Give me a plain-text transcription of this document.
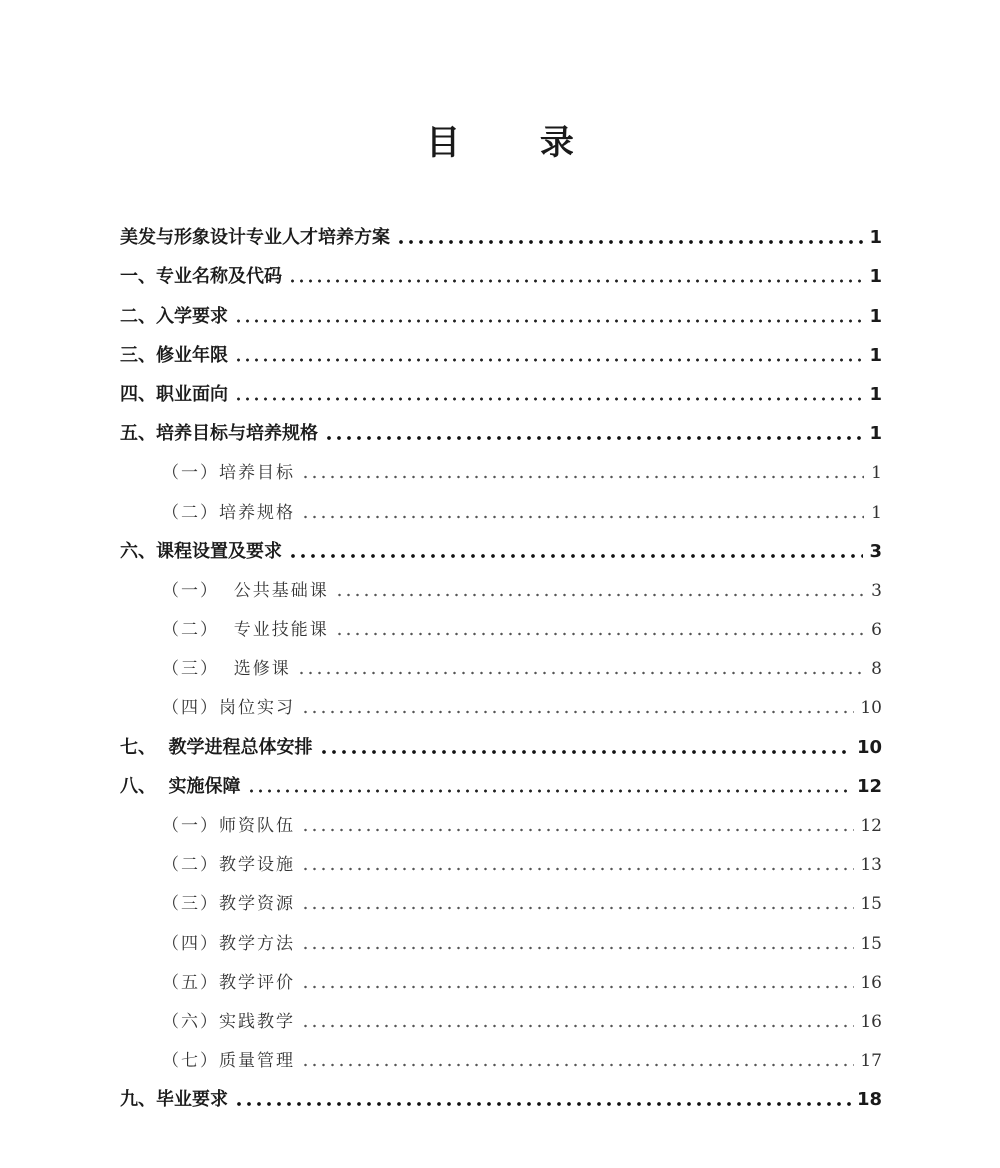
目 录
美发与形象设计专业人才培养方案	1
一、专业名称及代码	1
二、入学要求	1
三、修业年限	1
四、职业面向	1
五、培养目标与培养规格	1
（一）培养目标	1
（二）培养规格	1
六、课程设置及要求	3
（一）  公共基础课	3
（二）  专业技能课	6
（三）  选修课	8
（四）岗位实习	10
七、  教学进程总体安排	10
八、  实施保障	12
（一）师资队伍	12
（二）教学设施	13
（三）教学资源	15
（四）教学方法	15
（五）教学评价	16
（六）实践教学	16
（七）质量管理	17
九、毕业要求	18
